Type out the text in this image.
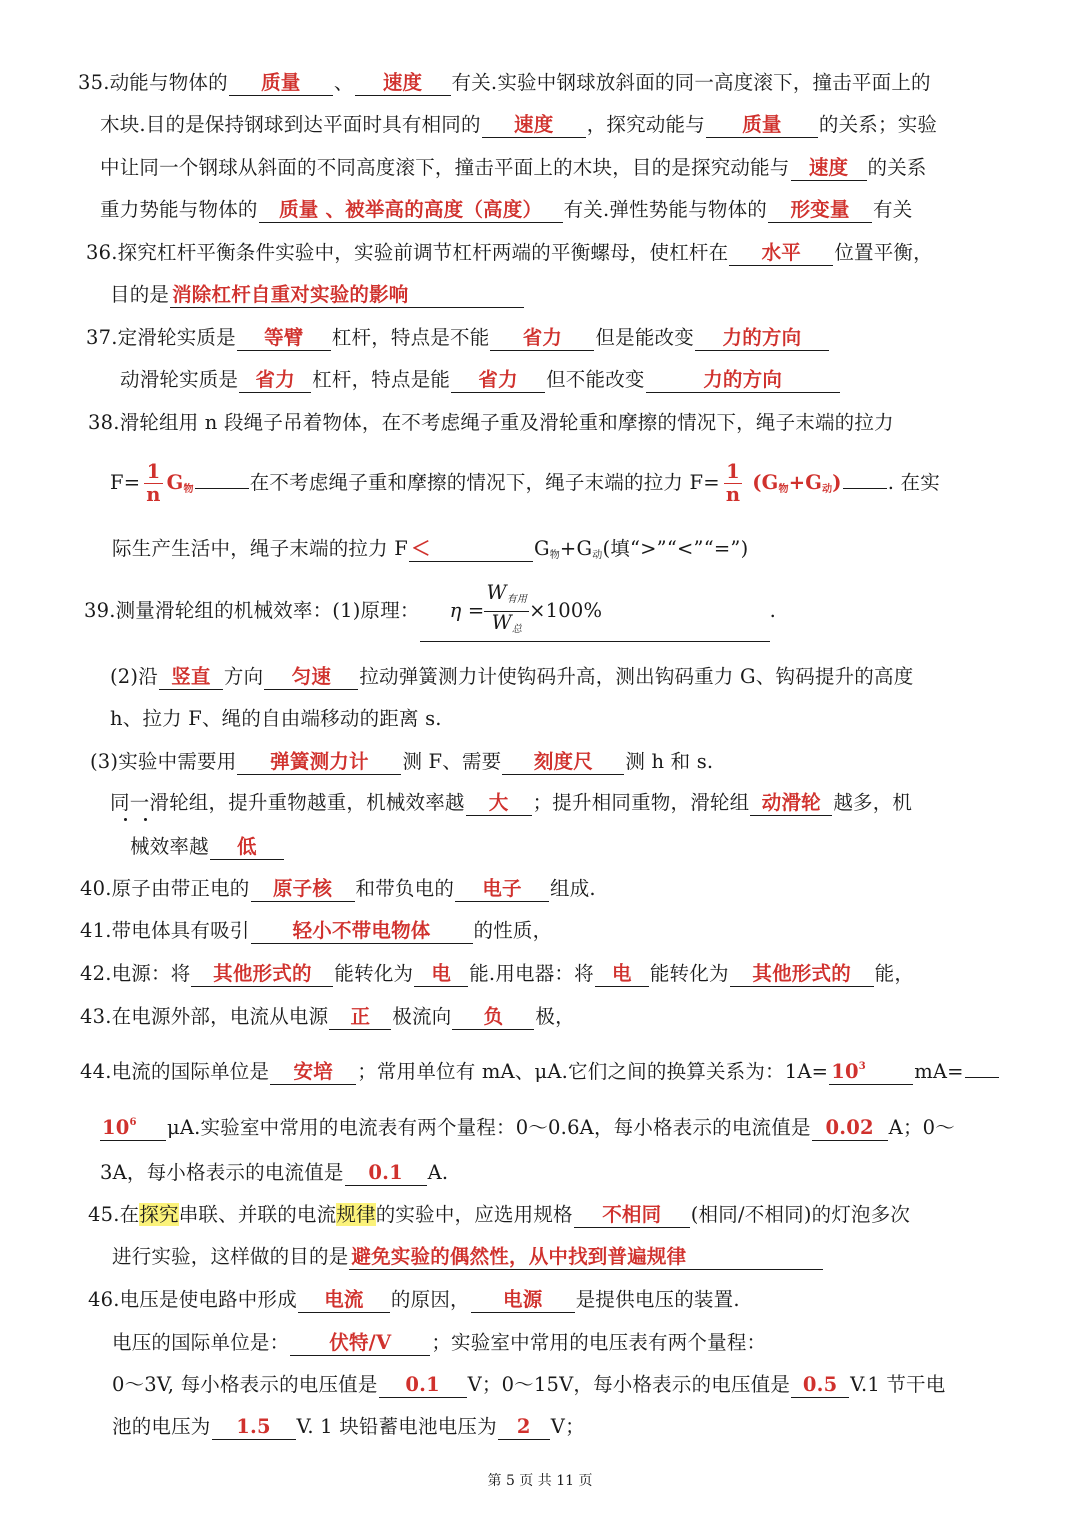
35.动能与物体的 质量 、 速度 有关.实验中钢球放斜面的同一高度滚下，撞击平面上的
木块.目的是保持钢球到达平面时具有相同的 速度 ，探究动能与 质量 的关系；实验
中让同一个钢球从斜面的不同高度滚下，撞击平面上的木块，目的是探究动能与 速度 的关系
重力势能与物体的 质量 、被举高的高度（高度） 有关.弹性势能与物体的 形变量 有关
36.探究杠杆平衡条件实验中，实验前调节杠杆两端的平衡螺母，使杠杆在 水平 位置平衡，
目的是 消除杠杆自重对实验的影响
37.定滑轮实质是 等臂 杠杆，特点是不能 省力 但是能改变 力的方向
动滑轮实质是 省力 杠杆，特点是能 省力 但不能改变	力的方向
38.滑轮组用 n 段绳子吊着物体，在不考虑绳子重及滑轮重和摩擦的情况下，绳子末端的拉力
$F= \frac{1}{n} G_物$	在不考虑绳子重和摩擦的情况下，绳子末端的拉力 $F= \frac{1}{n} (G_物+G_动)$ . 在实
际生产生活中，绳子末端的拉力 F ＜	$G_物+G_动$(填“>”“<”“=”)
39.测量滑轮组的机械效率：(1)原理： $\eta = \frac{W_{有用}}{W_总} \times 100\%$	.
(2)沿 竖直 方向 匀速 拉动弹簧测力计使钩码升高，测出钩码重力 G、钩码提升的高度
h、拉力 F、绳的自由端移动的距离 s.
(3)实验中需要用 弹簧测力计 测 F、需要 刻度尺 测 h 和 s.
同一滑轮组，提升重物越重，机械效率越 大 ；提升相同重物，滑轮组 动滑轮 越多，机
械效率越 低
40.原子由带正电的 原子核 和带负电的 电子 组成.
41.带电体具有吸引 轻小不带电物体 的性质，
42.电源：将 其他形式的 能转化为 电 能.用电器：将 电 能转化为 其他形式的 能，
43.在电源外部，电流从电源 正 极流向 负 极，
44.电流的国际单位是 安培 ；常用单位有 mA、μA.它们之间的换算关系为：$1A= 10^3$ mA=
$10^6$ μA.实验室中常用的电流表有两个量程：0～0.6A，每小格表示的电流值是 0.02 A；0～
3A，每小格表示的电流值是 0.1 A.
45.在探究串联、并联的电流规律的实验中，应选用规格 不相同 (相同/不相同)的灯泡多次
进行实验，这样做的目的是 避免实验的偶然性，从中找到普遍规律
46.电压是使电路中形成 电流 的原因， 电源 是提供电压的装置.
电压的国际单位是： 伏特/V ；实验室中常用的电压表有两个量程：
0～3V, 每小格表示的电压值是 0.1 V；0～15V，每小格表示的电压值是 0.5 V.1 节干电
池的电压为 1.5 V. 1 块铅蓄电池电压为 2 V；
第 5 页 共 11 页
